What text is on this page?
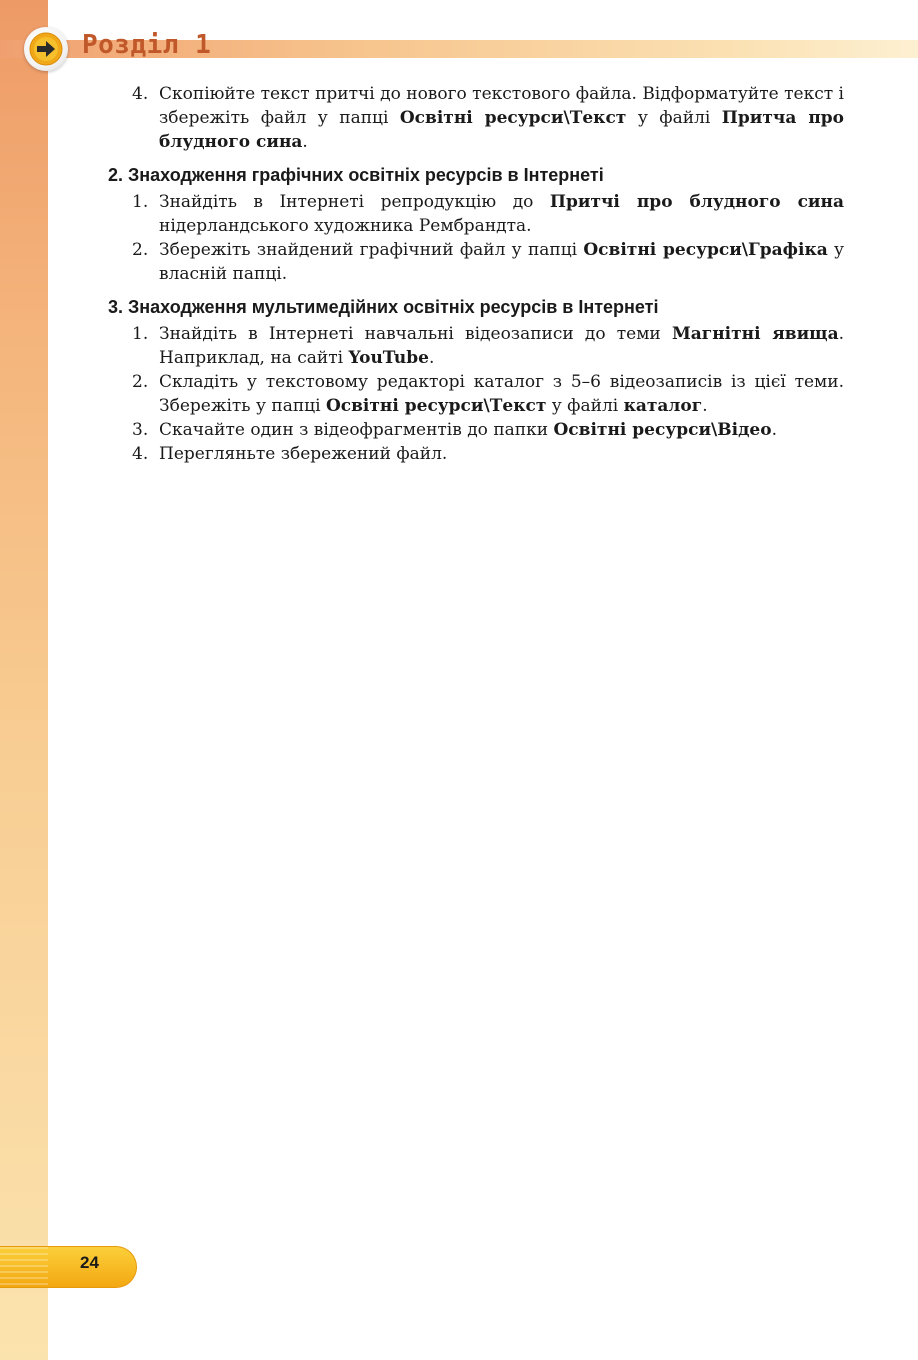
Розділ 1
4. Скопіюйте текст притчі до нового текстового файла. Відформатуйте текст і збережіть файл у папці Освітні ресурси\Текст у файлі Притча про блудного сина.
2. Знаходження графічних освітніх ресурсів в Інтернеті
1. Знайдіть в Інтернеті репродукцію до Притчі про блудного сина нідерландського художника Рембрандта.
2. Збережіть знайдений графічний файл у папці Освітні ресурси\Графіка у власній папці.
3. Знаходження мультимедійних освітніх ресурсів в Інтернеті
1. Знайдіть в Інтернеті навчальні відеозаписи до теми Магнітні явища. Наприклад, на сайті YouTube.
2. Складіть у текстовому редакторі каталог з 5–6 відеозаписів із цієї теми. Збережіть у папці Освітні ресурси\Текст у файлі каталог.
3. Скачайте один з відеофрагментів до папки Освітні ресурси\Відео.
4. Перегляньте збережений файл.
24
